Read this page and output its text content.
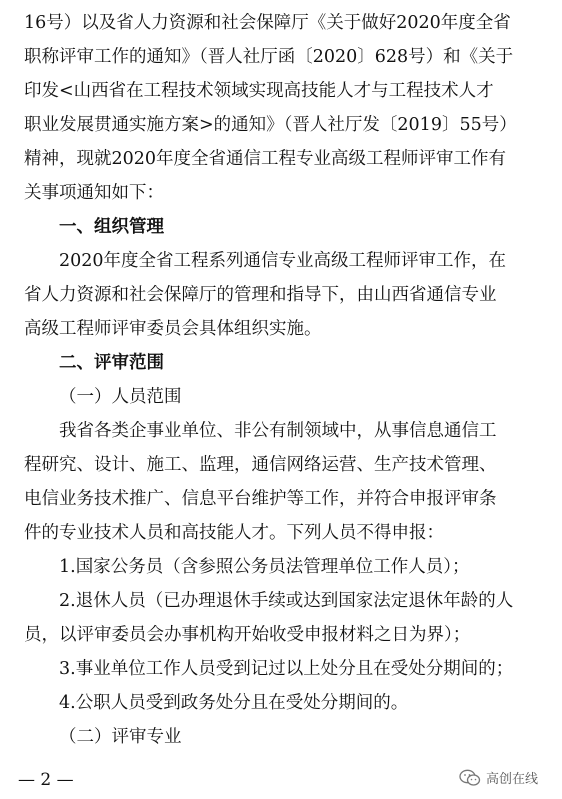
16号）以及省人力资源和社会保障厅《关于做好2020年度全省

职称评审工作的通知》（晋人社厅函〔2020〕628号）和《关于

印发<山西省在工程技术领域实现高技能人才与工程技术人才

职业发展贯通实施方案>的通知》（晋人社厅发〔2019〕55号）

精神，现就2020年度全省通信工程专业高级工程师评审工作有

关事项通知如下：

一、组织管理

2020年度全省工程系列通信专业高级工程师评审工作，在

省人力资源和社会保障厅的管理和指导下，由山西省通信专业

高级工程师评审委员会具体组织实施。

二、评审范围

（一）人员范围

我省各类企事业单位、非公有制领域中，从事信息通信工

程研究、设计、施工、监理，通信网络运营、生产技术管理、

电信业务技术推广、信息平台维护等工作，并符合申报评审条

件的专业技术人员和高技能人才。下列人员不得申报：

1.国家公务员（含参照公务员法管理单位工作人员）；

2.退休人员（已办理退休手续或达到国家法定退休年龄的人

员，以评审委员会办事机构开始收受申报材料之日为界）；

3.事业单位工作人员受到记过以上处分且在受处分期间的；

4.公职人员受到政务处分且在受处分期间的。

（二）评审专业

— 2 —	高创在线
